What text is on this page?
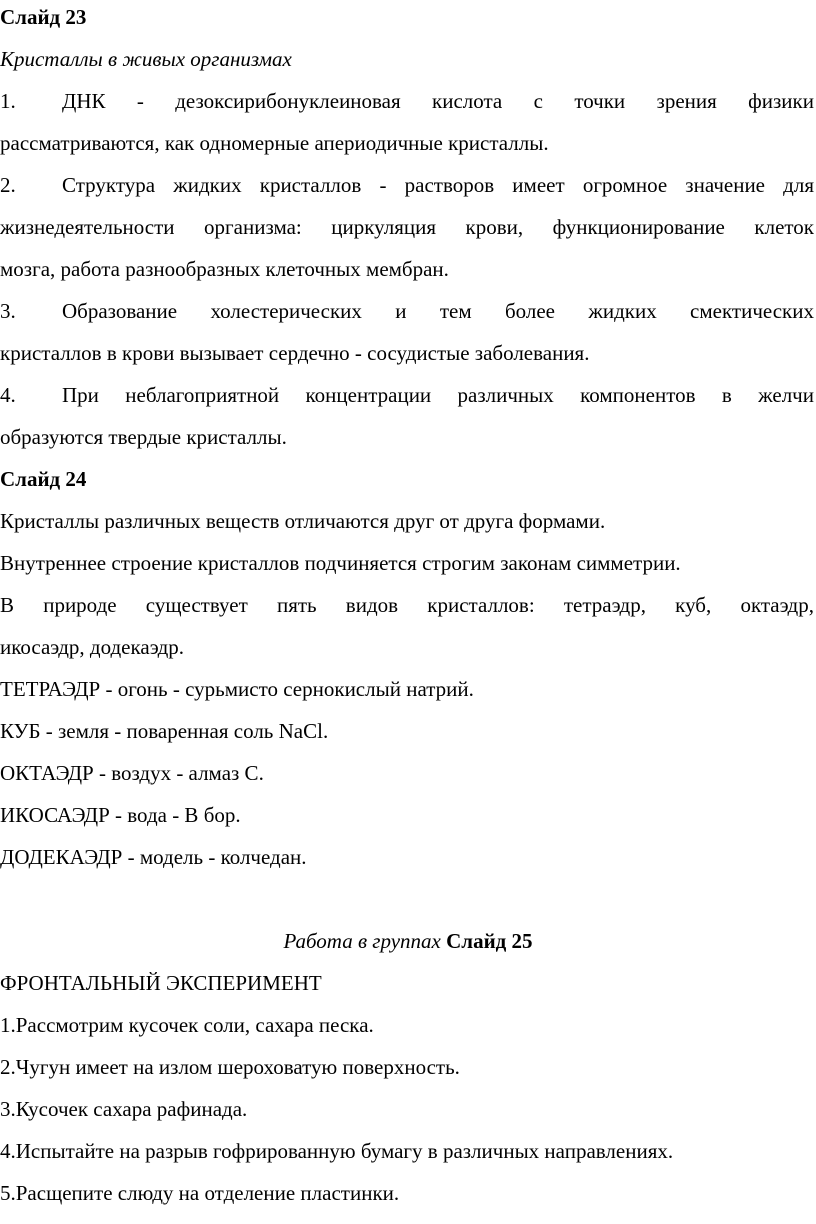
Слайд 23
Кристаллы в живых организмах
1. ДНК - дезоксирибонуклеиновая кислота с точки зрения физики
рассматриваются, как одномерные апериодичные кристаллы.
2. Структура жидких кристаллов - растворов имеет огромное значение для
жизнедеятельности организма: циркуляция крови, функционирование клеток
мозга, работа разнообразных клеточных мембран.
3. Образование холестерических и тем более жидких смектических
кристаллов в крови вызывает сердечно - сосудистые заболевания.
4. При неблагоприятной концентрации различных компонентов в желчи
образуются твердые кристаллы.
Слайд 24
Кристаллы различных веществ отличаются друг от друга формами.
Внутреннее строение кристаллов подчиняется строгим законам симметрии.
В природе существует пять видов кристаллов: тетраэдр, куб, октаэдр,
икосаэдр, додекаэдр.
ТЕТРАЭДР - огонь - сурьмисто сернокислый натрий.
КУБ - земля - поваренная соль NaCl.
ОКТАЭДР - воздух - алмаз С.
ИКОСАЭДР - вода - В бор.
ДОДЕКАЭДР - модель - колчедан.
Работа в группах Слайд 25
ФРОНТАЛЬНЫЙ ЭКСПЕРИМЕНТ
1.Рассмотрим кусочек соли, сахара песка.
2.Чугун имеет на излом шероховатую поверхность.
3.Кусочек сахара рафинада.
4.Испытайте на разрыв гофрированную бумагу в различных направлениях.
5.Расщепите слюду на отделение пластинки.
